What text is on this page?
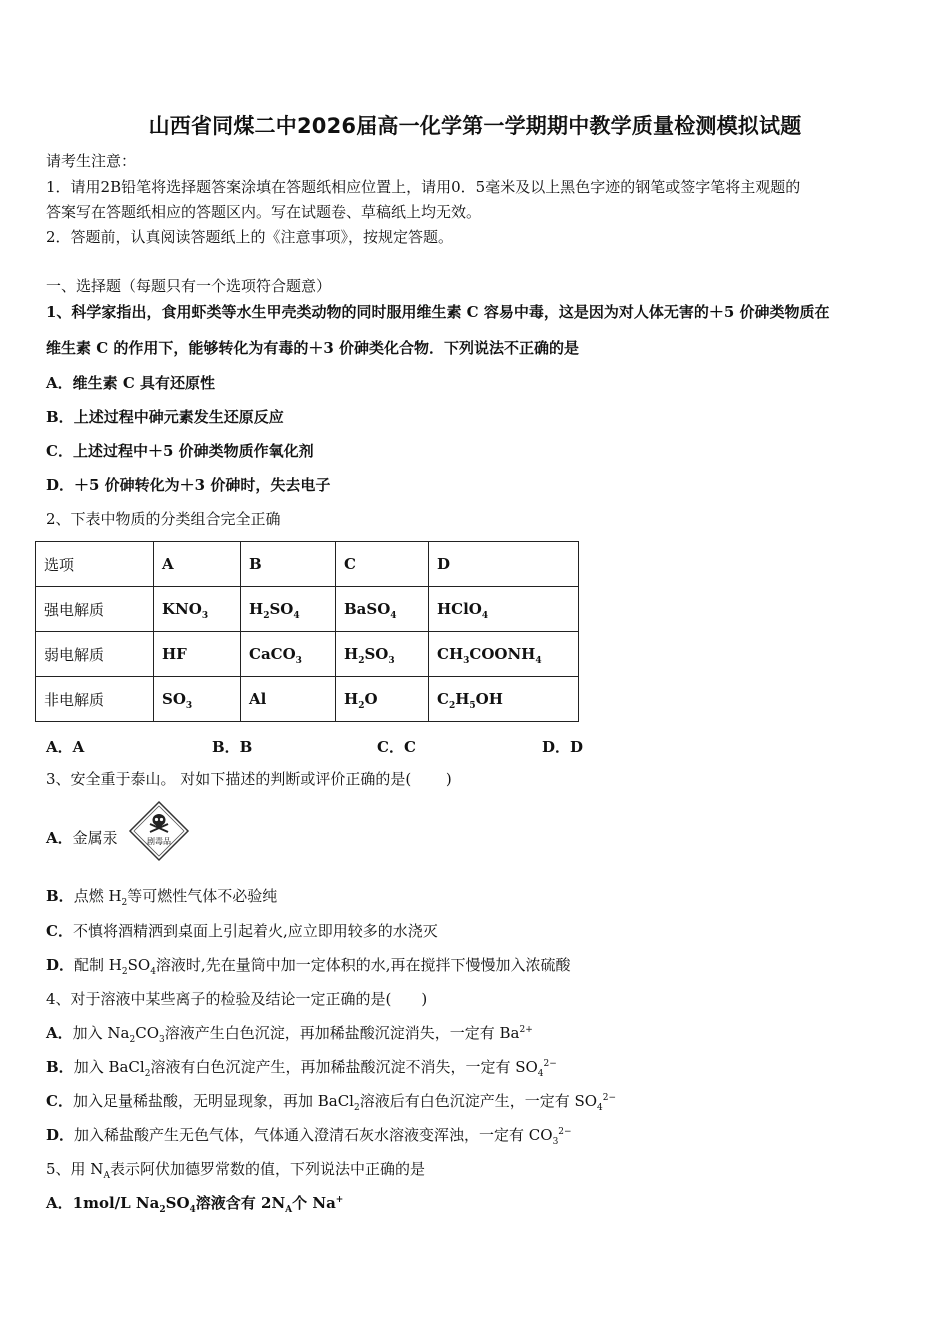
山西省同煤二中2026届高一化学第一学期期中教学质量检测模拟试题
请考生注意：
1．请用2B铅笔将选择题答案涂填在答题纸相应位置上，请用0．5毫米及以上黑色字迹的钢笔或签字笔将主观题的
答案写在答题纸相应的答题区内。写在试题卷、草稿纸上均无效。
2．答题前，认真阅读答题纸上的《注意事项》，按规定答题。
一、选择题（每题只有一个选项符合题意）
1、科学家指出，食用虾类等水生甲壳类动物的同时服用维生素 C 容易中毒，这是因为对人体无害的＋5 价砷类物质在
维生素 C 的作用下，能够转化为有毒的＋3 价砷类化合物．下列说法不正确的是
A．维生素 C 具有还原性
B．上述过程中砷元素发生还原反应
C．上述过程中＋5 价砷类物质作氧化剂
D．＋5 价砷转化为＋3 价砷时，失去电子
2、下表中物质的分类组合完全正确
选项	A	B	C	D
强电解质	$KNO_3$	$H_2SO_4$	BaSO$_4$	HClO$_4$
弱电解质	HF	CaCO$_3$	$H_2SO_3$	$CH_3COONH_4$
非电解质	$SO_3$	Al	$H_2O$	$C_2H_5OH$
A．A	B．B	C．C	D．D
3、安全重于泰山。 对如下描述的判断或评价正确的是(　　 )
A．金属汞	剧毒品
B．点燃 $H_2$等可燃性气体不必验纯
C．不慎将酒精洒到桌面上引起着火,应立即用较多的水浇灭
D．配制 $H_2SO_4$溶液时,先在量筒中加一定体积的水,再在搅拌下慢慢加入浓硫酸
4、对于溶液中某些离子的检验及结论一定正确的是(　　)
A．加入 $Na_2CO_3$溶液产生白色沉淀，再加稀盐酸沉淀消失，一定有 $Ba^{2+}$
B．加入 BaCl$_2$溶液有白色沉淀产生，再加稀盐酸沉淀不消失，一定有 $SO_4^{2-}$
C．加入足量稀盐酸，无明显现象，再加 BaCl$_2$溶液后有白色沉淀产生，一定有 $SO_4^{2-}$
D．加入稀盐酸产生无色气体，气体通入澄清石灰水溶液变浑浊，一定有 $CO_3^{2-}$
5、用 $N_A$表示阿伏加德罗常数的值，下列说法中正确的是
A．1mol/L $Na_2SO_4$溶液含有 $2N_A$个 Na+
